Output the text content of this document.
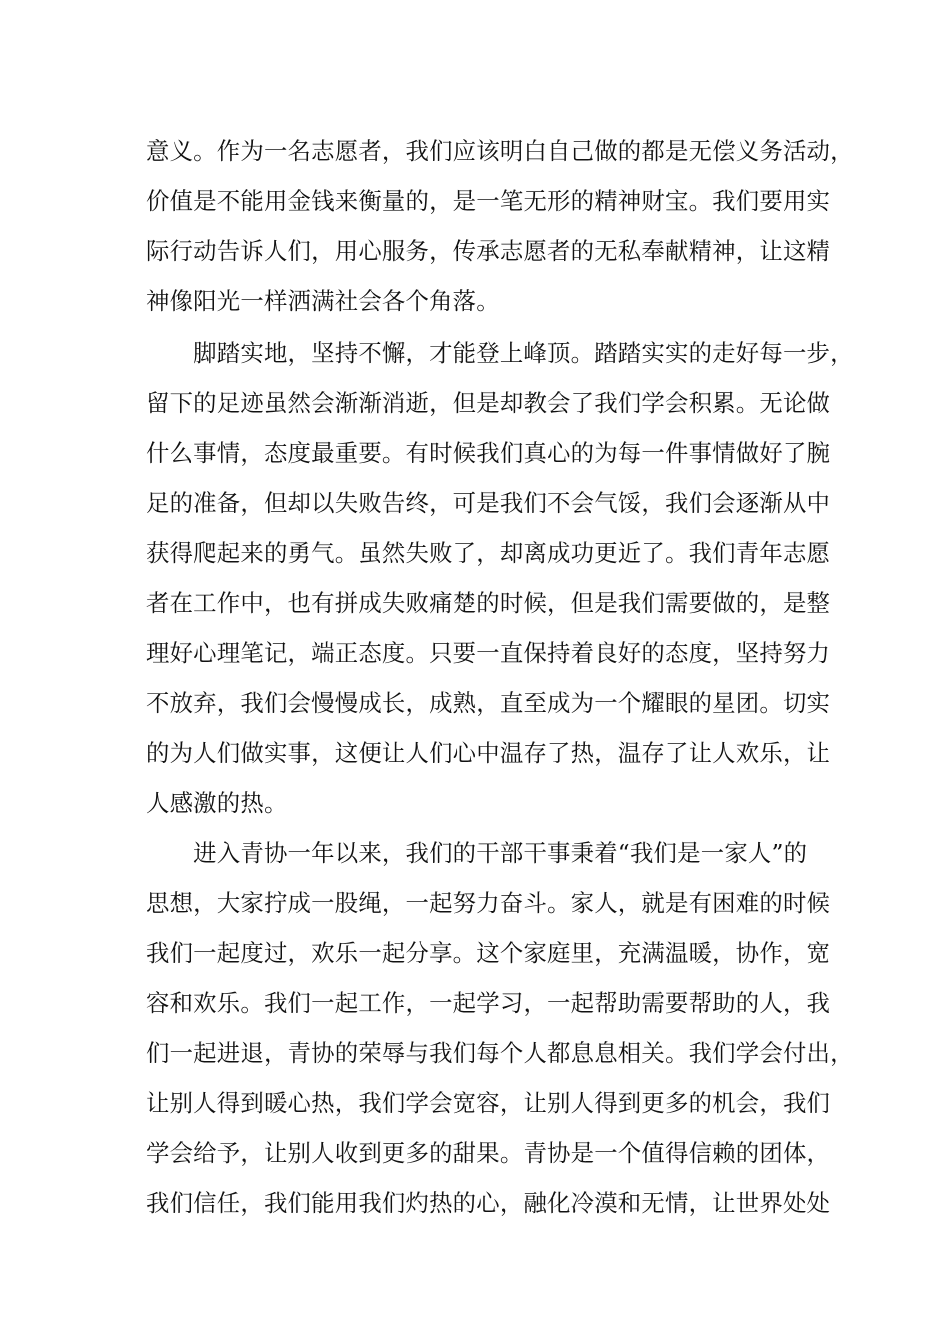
意义。作为一名志愿者，我们应该明白自己做的都是无偿义务活动，
价值是不能用金钱来衡量的，是一笔无形的精神财宝。我们要用实
际行动告诉人们，用心服务，传承志愿者的无私奉献精神，让这精
神像阳光一样洒满社会各个角落。
　　脚踏实地，坚持不懈，才能登上峰顶。踏踏实实的走好每一步，
留下的足迹虽然会渐渐消逝，但是却教会了我们学会积累。无论做
什么事情，态度最重要。有时候我们真心的为每一件事情做好了腕
足的准备，但却以失败告终，可是我们不会气馁，我们会逐渐从中
获得爬起来的勇气。虽然失败了，却离成功更近了。我们青年志愿
者在工作中，也有拼成失败痛楚的时候，但是我们需要做的，是整
理好心理笔记，端正态度。只要一直保持着良好的态度，坚持努力
不放弃，我们会慢慢成长，成熟，直至成为一个耀眼的星团。切实
的为人们做实事，这便让人们心中温存了热，温存了让人欢乐，让
人感激的热。
　　进入青协一年以来，我们的干部干事秉着“我们是一家人”的
思想，大家拧成一股绳，一起努力奋斗。家人，就是有困难的时候
我们一起度过，欢乐一起分享。这个家庭里，充满温暖，协作，宽
容和欢乐。我们一起工作，一起学习，一起帮助需要帮助的人，我
们一起进退，青协的荣辱与我们每个人都息息相关。我们学会付出，
让别人得到暖心热，我们学会宽容，让别人得到更多的机会，我们
学会给予，让别人收到更多的甜果。青协是一个值得信赖的团体，
我们信任，我们能用我们灼热的心，融化冷漠和无情，让世界处处
